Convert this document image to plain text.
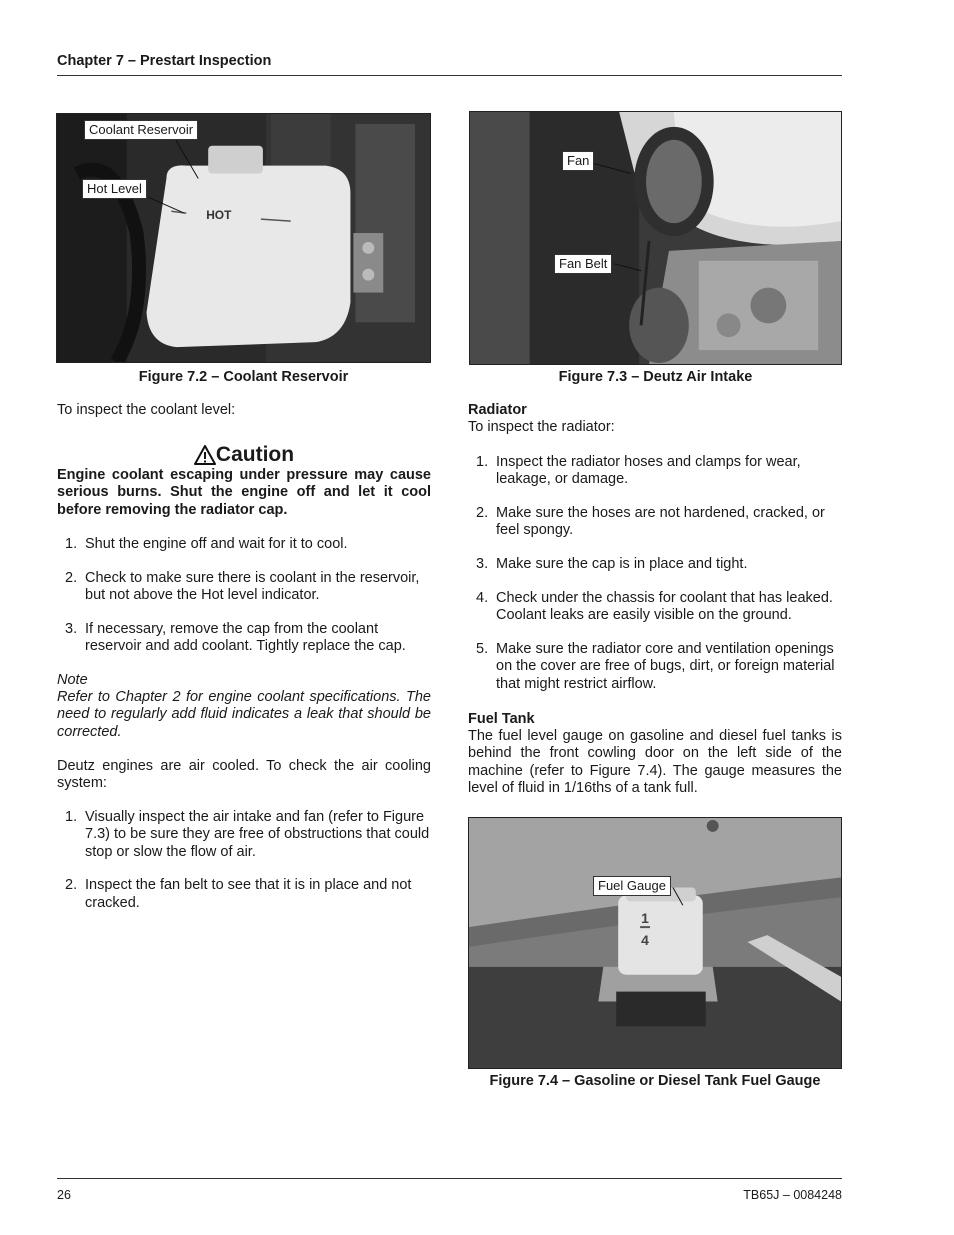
Chapter 7 – Prestart Inspection
HOT
Coolant Reservoir
Hot Level
Figure 7.2 – Coolant Reservoir
Fan
Fan Belt
Figure 7.3 – Deutz Air Intake
To inspect the coolant level:
Caution
Engine coolant escaping under pressure may cause serious burns. Shut the engine off and let it cool before removing the radiator cap.
1. Shut the engine off and wait for it to cool.
2. Check to make sure there is coolant in the reservoir, but not above the Hot level indicator.
3. If necessary, remove the cap from the coolant reservoir and add coolant. Tightly replace the cap.
Note
Refer to Chapter 2 for engine coolant specifications. The need to regularly add fluid indicates a leak that should be corrected.
Deutz engines are air cooled. To check the air cooling system:
1. Visually inspect the air intake and fan (refer to Figure 7.3) to be sure they are free of obstructions that could stop or slow the flow of air.
2. Inspect the fan belt to see that it is in place and not cracked.
Radiator
To inspect the radiator:
1. Inspect the radiator hoses and clamps for wear, leakage, or damage.
2. Make sure the hoses are not hardened, cracked, or feel spongy.
3. Make sure the cap is in place and tight.
4. Check under the chassis for coolant that has leaked. Coolant leaks are easily visible on the ground.
5. Make sure the radiator core and ventilation openings on the cover are free of bugs, dirt, or foreign material that might restrict airflow.
Fuel Tank
The fuel level gauge on gasoline and diesel fuel tanks is behind the front cowling door on the left side of the machine (refer to Figure 7.4). The gauge measures the level of fluid in 1/16ths of a tank full.
1
4
Fuel Gauge
Figure 7.4 – Gasoline or Diesel Tank Fuel Gauge
26	TB65J – 0084248
